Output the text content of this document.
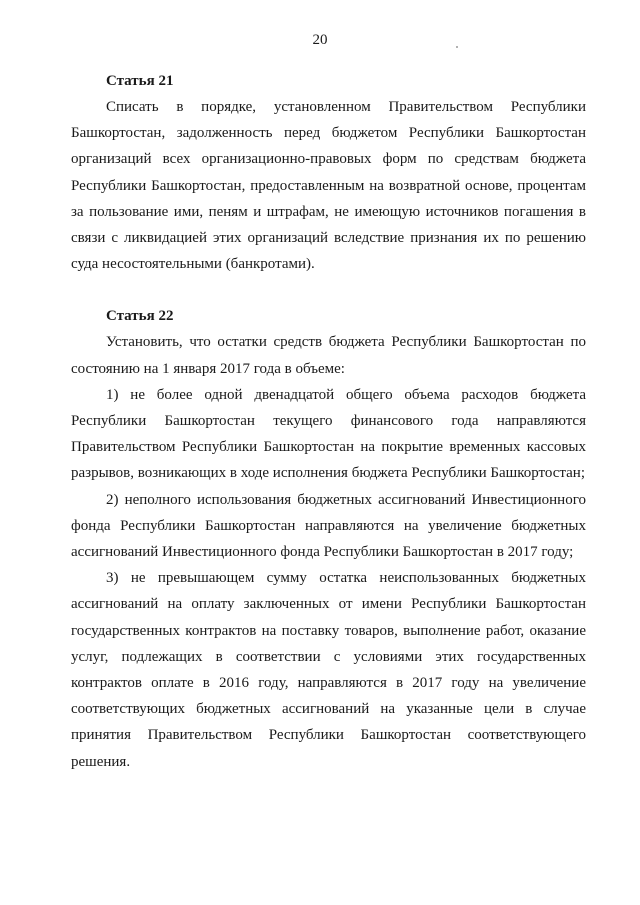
20

Статья 21

Списать в порядке, установленном Правительством Республики Башкортостан, задолженность перед бюджетом Республики Башкортостан организаций всех организационно-правовых форм по средствам бюджета Республики Башкортостан, предоставленным на возвратной основе, процентам за пользование ими, пеням и штрафам, не имеющую источников погашения в связи с ликвидацией этих организаций вследствие признания их по решению суда несостоятельными (банкротами).

Статья 22

Установить, что остатки средств бюджета Республики Башкортостан по состоянию на 1 января 2017 года в объеме:

1) не более одной двенадцатой общего объема расходов бюджета Республики Башкортостан текущего финансового года направляются Правительством Республики Башкортостан на покрытие временных кассовых разрывов, возникающих в ходе исполнения бюджета Республики Башкортостан;

2) неполного использования бюджетных ассигнований Инвестиционного фонда Республики Башкортостан направляются на увеличение бюджетных ассигнований Инвестиционного фонда Республики Башкортостан в 2017 году;

3) не превышающем сумму остатка неиспользованных бюджетных ассигнований на оплату заключенных от имени Республики Башкортостан государственных контрактов на поставку товаров, выполнение работ, оказание услуг, подлежащих в соответствии с условиями этих государственных контрактов оплате в 2016 году, направляются в 2017 году на увеличение соответствующих бюджетных ассигнований на указанные цели в случае принятия Правительством Республики Башкортостан соответствующего решения.
